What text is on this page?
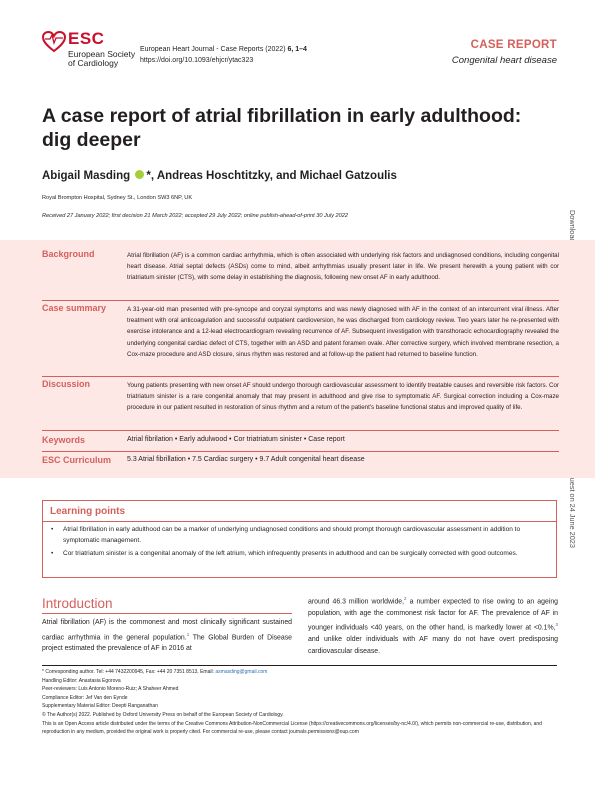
ESC
European Society
of Cardiology
European Heart Journal - Case Reports (2022) 6, 1–4
https://doi.org/10.1093/ehjcr/ytac323
CASE REPORT
Congenital heart disease
A case report of atrial fibrillation in early adulthood: dig deeper
Abigail Masding *, Andreas Hoschtitzky, and Michael Gatzoulis
Royal Brompton Hospital, Sydney St., London SW3 6NP, UK
Received 27 January 2022; first decision 21 March 2022; accepted 29 July 2022; online publish-ahead-of-print 30 July 2022
Background	Atrial fibrillation (AF) is a common cardiac arrhythmia, which is often associated with underlying risk factors and undiagnosed conditions, including congenital heart disease. Atrial septal defects (ASDs) come to mind, albeit arrhythmias usually present later in life. We present herewith a young patient with cor triatriatum sinister (CTS), with some delay in establishing the diagnosis, following new onset AF in early adulthood.
Case summary	A 31-year-old man presented with pre-syncope and coryzal symptoms and was newly diagnosed with AF in the context of an intercurrent viral illness. After treatment with oral anticoagulation and successful outpatient cardioversion, he was discharged from cardiology review. Two years later he re-presented with exercise intolerance and a 12-lead electrocardiogram revealing recurrence of AF. Subsequent investigation with transthoracic echocardiography revealed the underlying congenital cardiac defect of CTS, together with an ASD and patent foramen ovale. After corrective surgery, which involved membrane resection, a Cox-maze procedure and ASD closure, sinus rhythm was restored and at follow-up the patient had returned to baseline function.
Discussion	Young patients presenting with new onset AF should undergo thorough cardiovascular assessment to identify treatable causes and reversible risk factors. Cor triatriatum sinister is a rare congenital anomaly that may present in adulthood and give rise to symptomatic AF. Surgical correction including a Cox-maze procedure in our patient resulted in restoration of sinus rhythm and a return of the patient's baseline functional status and improved quality of life.
Keywords	Atrial fibrilation • Early adulwood • Cor triatriatum sinister • Case report
ESC Curriculum 5.3 Atrial fibrillation • 7.5 Cardiac surgery • 9.7 Adult congenital heart disease
Learning points
• Atrial fibrillation in early adulthood can be a marker of underlying undiagnosed conditions and should prompt thorough cardiovascular assessment in addition to symptomatic management.
• Cor triatriatum sinister is a congenital anomaly of the left atrium, which infrequently presents in adulthood and can be surgically corrected with good outcomes.
Introduction
Atrial fibrillation (AF) is the commonest and most clinically significant sustained cardiac arrhythmia in the general population.$^1$ The Global Burden of Disease project estimated the prevalence of AF in 2016 at
around 46.3 million worldwide,$^2$ a number expected to rise owing to an ageing population, with age the commonest risk factor for AF. The prevalence of AF in younger individuals <40 years, on the other hand, is markedly lower at <0.1%,$^3$ and unlike older individuals with AF many do not have overt predisposing cardiovascular disease.
* Corresponding author. Tel: +44 7432200945, Fax: +44 20 7351 8513, Email: asmasding@gmail.com
Handling Editor: Anastasia Egorova
Peer-reviewers: Luis Antonio Moreno-Ruiz; A Shaheer Ahmed
Compliance Editor: Jef Van den Eynde
Supplementary Material Editor: Deepti Ranganathan
© The Author(s) 2022. Published by Oxford University Press on behalf of the European Society of Cardiology.
This is an Open Access article distributed under the terms of the Creative Commons Attribution-NonCommercial License (https://creativecommons.org/licenses/by-nc/4.0/), which permits non-commercial re-use, distribution, and reproduction in any medium, provided the original work is properly cited. For commercial re-use, please contact journals.permissions@oup.com
